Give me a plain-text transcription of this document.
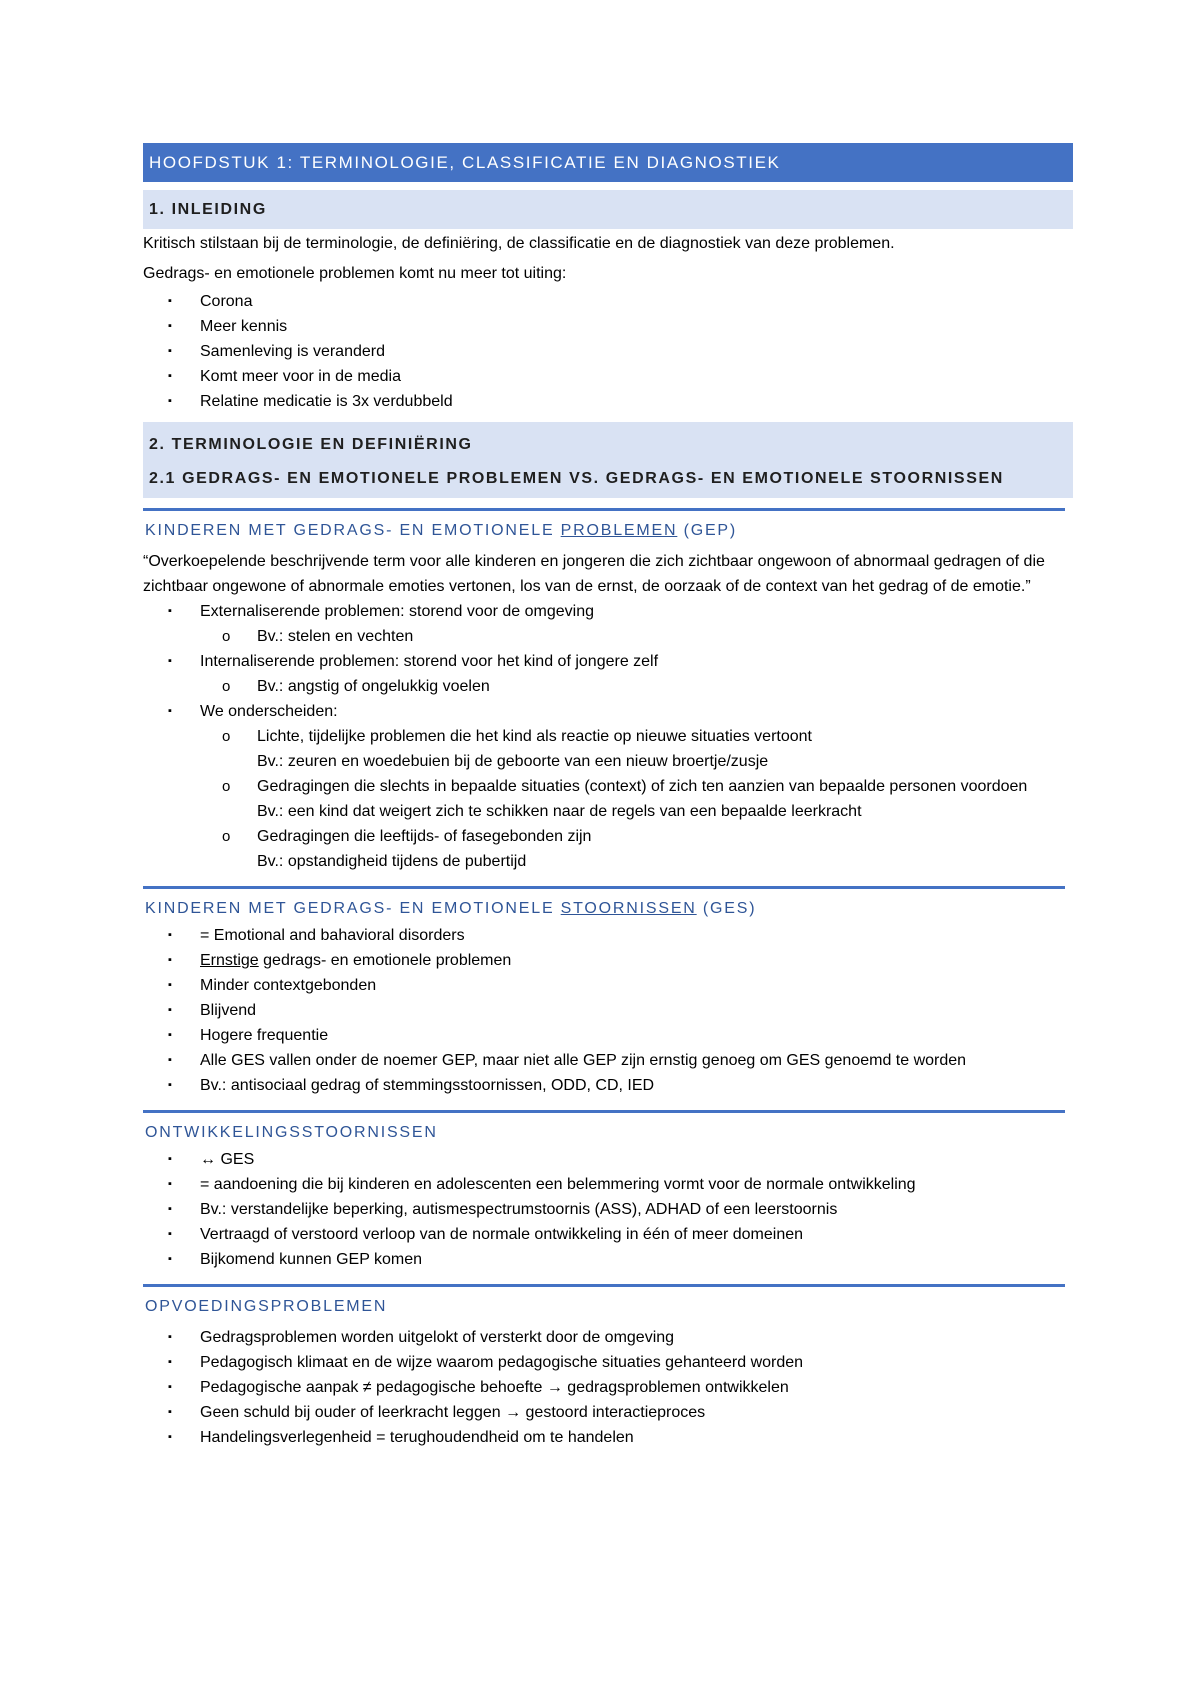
HOOFDSTUK 1: TERMINOLOGIE, CLASSIFICATIE EN DIAGNOSTIEK
1. INLEIDING

Kritisch stilstaan bij de terminologie, de definiëring, de classificatie en de diagnostiek van deze problemen.

Gedrags- en emotionele problemen komt nu meer tot uiting:

▪ Corona
▪ Meer kennis
▪ Samenleving is veranderd
▪ Komt meer voor in de media
▪ Relatine medicatie is 3x verdubbeld
2. TERMINOLOGIE EN DEFINIËRING
2.1 GEDRAGS- EN EMOTIONELE PROBLEMEN VS. GEDRAGS- EN EMOTIONELE STOORNISSEN
KINDEREN MET GEDRAGS- EN EMOTIONELE PROBLEMEN (GEP)

“Overkoepelende beschrijvende term voor alle kinderen en jongeren die zich zichtbaar ongewoon of abnormaal gedragen of die zichtbaar ongewone of abnormale emoties vertonen, los van de ernst, de oorzaak of de context van het gedrag of de emotie.”

▪ Externaliserende problemen: storend voor de omgeving
o Bv.: stelen en vechten
▪ Internaliserende problemen: storend voor het kind of jongere zelf
o Bv.: angstig of ongelukkig voelen
▪ We onderscheiden:
o Lichte, tijdelijke problemen die het kind als reactie op nieuwe situaties vertoont
Bv.: zeuren en woedebuien bij de geboorte van een nieuw broertje/zusje
o Gedragingen die slechts in bepaalde situaties (context) of zich ten aanzien van bepaalde personen voordoen
Bv.: een kind dat weigert zich te schikken naar de regels van een bepaalde leerkracht
o Gedragingen die leeftijds- of fasegebonden zijn
Bv.: opstandigheid tijdens de pubertijd
KINDEREN MET GEDRAGS- EN EMOTIONELE STOORNISSEN (GES)
▪ = Emotional and bahavioral disorders
▪ Ernstige gedrags- en emotionele problemen
▪ Minder contextgebonden
▪ Blijvend
▪ Hogere frequentie
▪ Alle GES vallen onder de noemer GEP, maar niet alle GEP zijn ernstig genoeg om GES genoemd te worden
▪ Bv.: antisociaal gedrag of stemmingsstoornissen, ODD, CD, IED
ONTWIKKELINGSSTOORNISSEN
▪ ↔ GES
▪ = aandoening die bij kinderen en adolescenten een belemmering vormt voor de normale ontwikkeling
▪ Bv.: verstandelijke beperking, autismespectrumstoornis (ASS), ADHAD of een leerstoornis
▪ Vertraagd of verstoord verloop van de normale ontwikkeling in één of meer domeinen
▪ Bijkomend kunnen GEP komen
OPVOEDINGSPROBLEMEN
▪ Gedragsproblemen worden uitgelokt of versterkt door de omgeving
▪ Pedagogisch klimaat en de wijze waarom pedagogische situaties gehanteerd worden
▪ Pedagogische aanpak ≠ pedagogische behoefte → gedragsproblemen ontwikkelen
▪ Geen schuld bij ouder of leerkracht leggen → gestoord interactieproces
▪ Handelingsverlegenheid = terughoudendheid om te handelen
